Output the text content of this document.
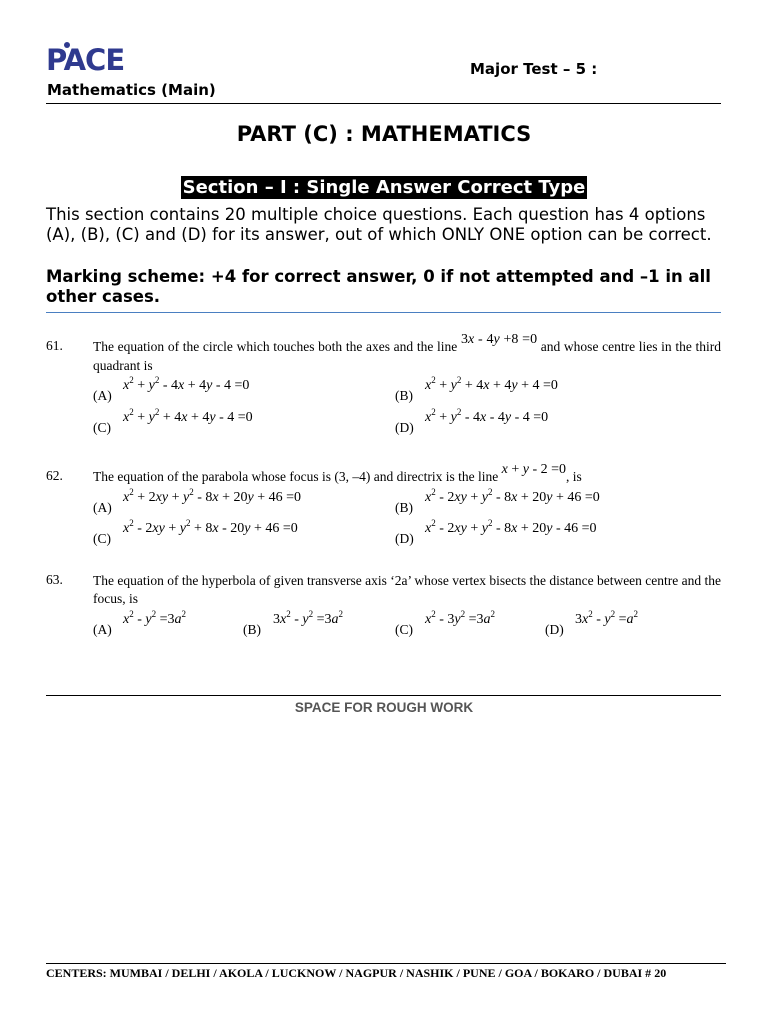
PACE	Major Test – 5 :
Mathematics (Main)
PART (C) : MATHEMATICS
Section – I : Single Answer Correct Type
This section contains 20 multiple choice questions. Each question has 4 options (A), (B), (C) and (D) for its answer, out of which ONLY ONE option can be correct.
Marking scheme: +4 for correct answer, 0 if not attempted and –1 in all other cases.
61. The equation of the circle which touches both the axes and the line 3x - 4y +8 =0 and whose centre lies in the third quadrant is
(A)
$x^2 + y^2 - 4x + 4y - 4 =0$
(B)
$x^2 + y^2 + 4x + 4y + 4 =0$
(C)
$x^2 + y^2 + 4x + 4y - 4 =0$
(D)
$x^2 + y^2 - 4x - 4y - 4 =0$
62. The equation of the parabola whose focus is (3, –4) and directrix is the line x + y - 2 =0, is
(A)
$x^2 + 2xy + y^2 - 8x + 20y + 46 =0$
(B)
$x^2 - 2xy + y^2 - 8x + 20y + 46 =0$
(C)
$x^2 - 2xy + y^2 + 8x - 20y + 46 =0$
(D)
$x^2 - 2xy + y^2 - 8x + 20y - 46 =0$
63. The equation of the hyperbola of given transverse axis ‘2a’ whose vertex bisects the distance between centre and the focus, is
(A)
$x^2 - y^2 =3a^2$
(B)
$3x^2 - y^2 =3a^2$
(C)
$x^2 - 3y^2 =3a^2$
(D)
$3x^2 - y^2 =a^2$
SPACE FOR ROUGH WORK
CENTERS: MUMBAI / DELHI / AKOLA / LUCKNOW / NAGPUR / NASHIK / PUNE / GOA / BOKARO / DUBAI # 20
